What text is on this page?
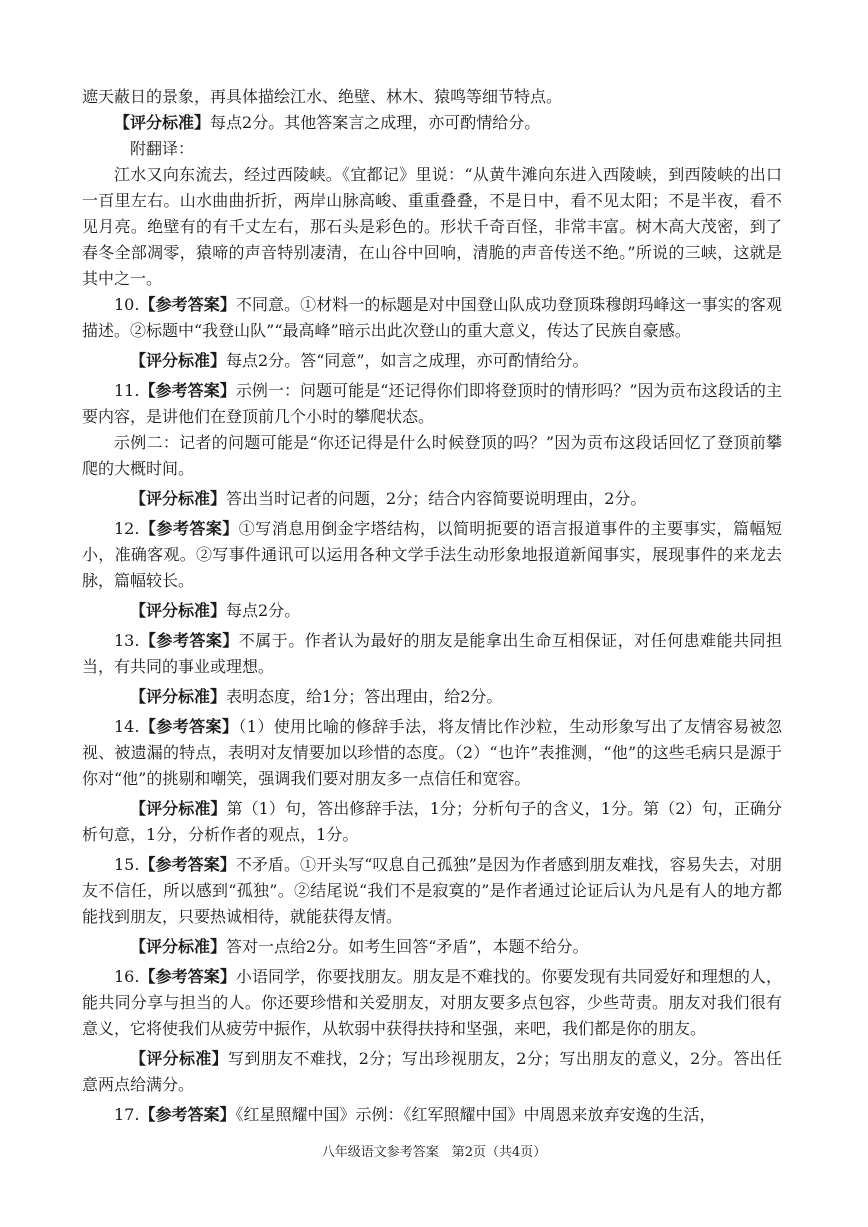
遮天蔽日的景象，再具体描绘江水、绝壁、林木、猿鸣等细节特点。

【评分标准】每点2分。其他答案言之成理，亦可酌情给分。

附翻译：

江水又向东流去，经过西陵峡。《宜都记》里说：“从黄牛滩向东进入西陵峡，到西陵峡的出口一百里左右。山水曲曲折折，两岸山脉高峻、重重叠叠，不是日中，看不见太阳；不是半夜，看不见月亮。绝壁有的有千丈左右，那石头是彩色的。形状千奇百怪，非常丰富。树木高大茂密，到了春冬全部凋零，猿啼的声音特别凄清，在山谷中回响，清脆的声音传送不绝。”所说的三峡，这就是其中之一。

10.【参考答案】不同意。①材料一的标题是对中国登山队成功登顶珠穆朗玛峰这一事实的客观描述。②标题中“我登山队”“最高峰”暗示出此次登山的重大意义，传达了民族自豪感。

【评分标准】每点2分。答“同意”，如言之成理，亦可酌情给分。

11.【参考答案】示例一：问题可能是“还记得你们即将登顶时的情形吗？”因为贡布这段话的主要内容，是讲他们在登顶前几个小时的攀爬状态。

示例二：记者的问题可能是“你还记得是什么时候登顶的吗？”因为贡布这段话回忆了登顶前攀爬的大概时间。

【评分标准】答出当时记者的问题，2分；结合内容简要说明理由，2分。

12.【参考答案】①写消息用倒金字塔结构，以简明扼要的语言报道事件的主要事实，篇幅短小，准确客观。②写事件通讯可以运用各种文学手法生动形象地报道新闻事实，展现事件的来龙去脉，篇幅较长。

【评分标准】每点2分。

13.【参考答案】不属于。作者认为最好的朋友是能拿出生命互相保证，对任何患难能共同担当，有共同的事业或理想。

【评分标准】表明态度，给1分；答出理由，给2分。

14.【参考答案】（1）使用比喻的修辞手法，将友情比作沙粒，生动形象写出了友情容易被忽视、被遗漏的特点，表明对友情要加以珍惜的态度。（2）“也许”表推测，“他”的这些毛病只是源于你对“他”的挑剔和嘲笑，强调我们要对朋友多一点信任和宽容。

【评分标准】第（1）句，答出修辞手法，1分；分析句子的含义，1分。第（2）句，正确分析句意，1分，分析作者的观点，1分。

15.【参考答案】不矛盾。①开头写“叹息自己孤独”是因为作者感到朋友难找，容易失去，对朋友不信任，所以感到“孤独”。②结尾说“我们不是寂寞的”是作者通过论证后认为凡是有人的地方都能找到朋友，只要热诚相待，就能获得友情。

【评分标准】答对一点给2分。如考生回答“矛盾”，本题不给分。

16.【参考答案】小语同学，你要找朋友。朋友是不难找的。你要发现有共同爱好和理想的人，能共同分享与担当的人。你还要珍惜和关爱朋友，对朋友要多点包容，少些苛责。朋友对我们很有意义，它将使我们从疲劳中振作，从软弱中获得扶持和坚强，来吧，我们都是你的朋友。

【评分标准】写到朋友不难找，2分；写出珍视朋友，2分；写出朋友的意义，2分。答出任意两点给满分。

17.【参考答案】《红星照耀中国》示例：《红军照耀中国》中周恩来放弃安逸的生活，

八年级语文参考答案　第2页（共4页）
